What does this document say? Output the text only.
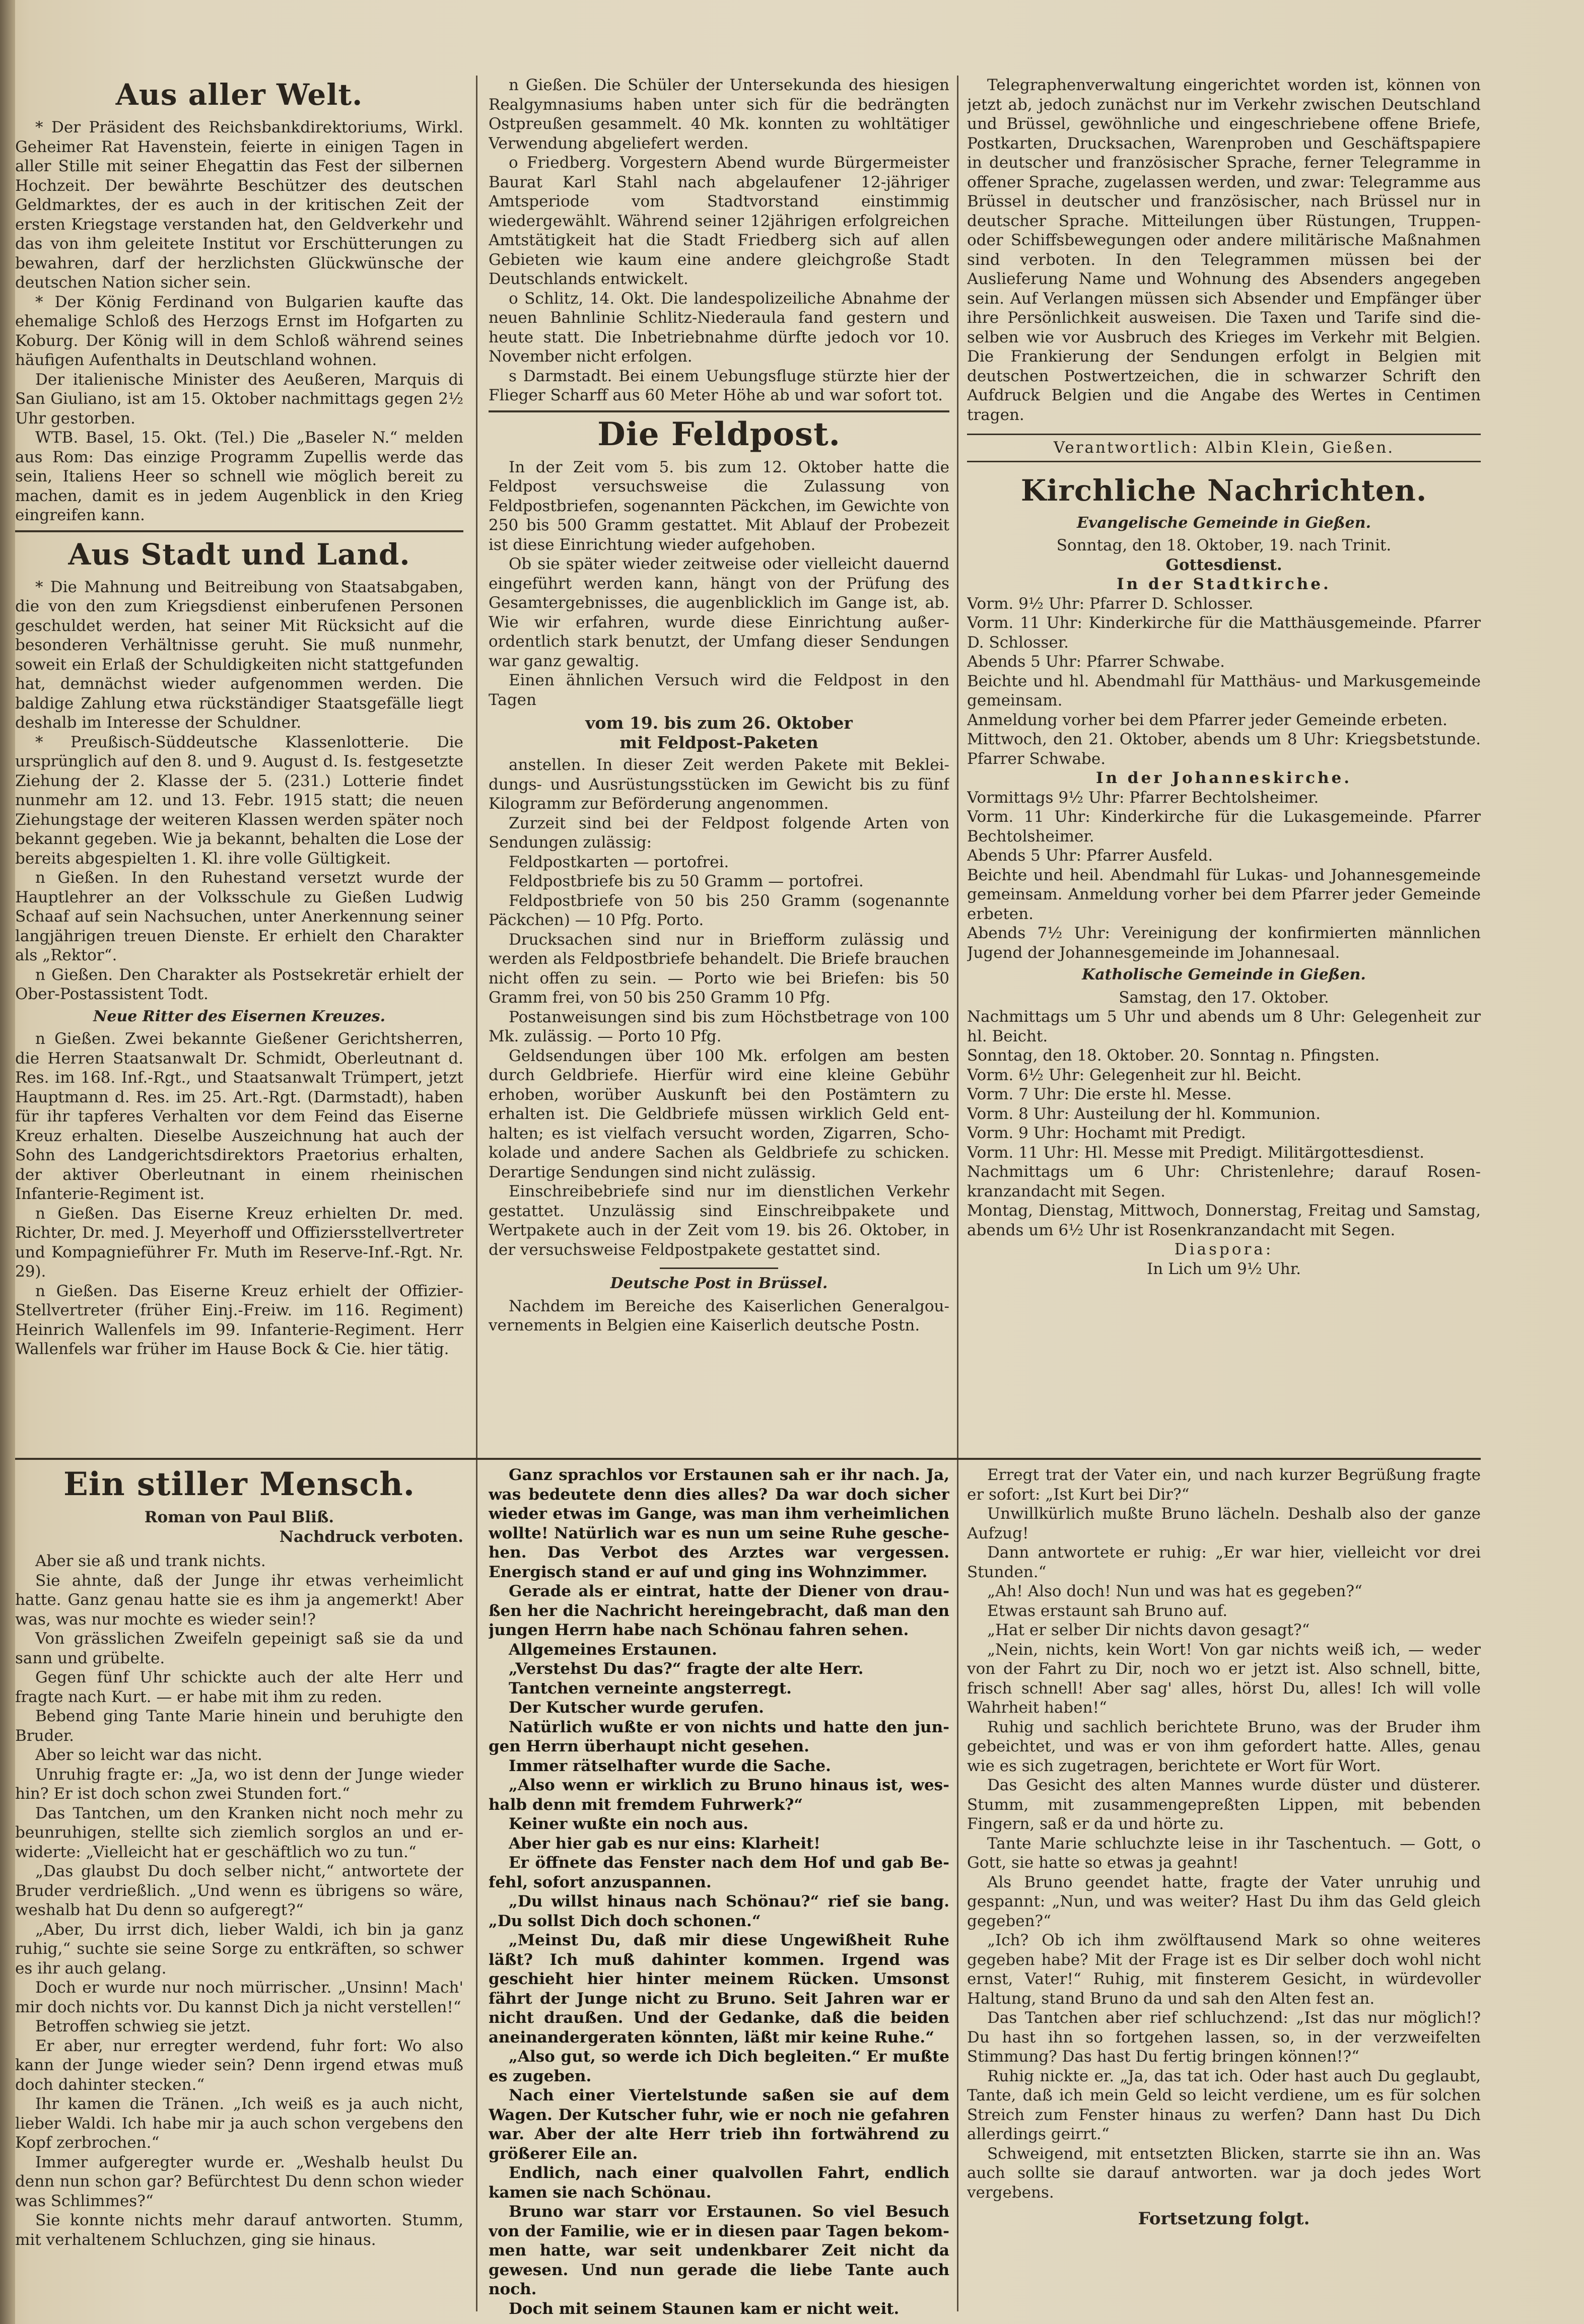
Aus aller Welt.

* Der Präsident des Reichsbankdirektoriums, Wirkl. Geheimer Rat Havenstein, feierte in einigen Tagen in aller Stille mit seiner Ehegattin das Fest der silbernen Hochzeit. Der bewährte Beschützer des deutschen Geldmarktes, der es auch in der kritischen Zeit der ersten Kriegstage verstanden hat, den Geldverkehr und das von ihm geleitete Institut vor Erschütterungen zu bewahren, darf der herzlichsten Glückwünsche der deutschen Nation sicher sein.

* Der König Ferdinand von Bulgarien kaufte das ehemalige Schloß des Herzogs Ernst im Hofgarten zu Koburg. Der König will in dem Schloß während seines häufigen Aufenthalts in Deutschland wohnen.

Der italienische Minister des Aeußeren, Marquis di San Giuliano, ist am 15. Oktober nachmittags gegen 2½ Uhr gestorben.

WTB. Basel, 15. Okt. (Tel.) Die „Baseler N.“ melden aus Rom: Das einzige Programm Zupellis werde das sein, Italiens Heer so schnell wie möglich bereit zu machen, damit es in jedem Augenblick in den Krieg eingreifen kann.

Aus Stadt und Land.

* Die Mahnung und Beitreibung von Staatsabgaben, die von den zum Kriegsdienst einberufenen Personen geschuldet werden, hat seiner Mit Rücksicht auf die besonderen Verhältnisse geruht. Sie muß nunmehr, soweit ein Erlaß der Schuldigkeiten nicht stattgefunden hat, demnächst wieder aufgenommen werden. Die baldige Zahlung etwa rückständiger Staatsgefälle liegt deshalb im Interesse der Schuldner.

* Preußisch-Süddeutsche Klassenlotterie. Die ursprünglich auf den 8. und 9. August d. Is. festgesetzte Ziehung der 2. Klasse der 5. (231.) Lotterie findet nunmehr am 12. und 13. Febr. 1915 statt; die neuen Ziehungstage der weiteren Klassen werden später noch bekannt gegeben. Wie ja bekannt, behalten die Lose der bereits abgespielten 1. Kl. ihre volle Gültigkeit.

n Gießen. In den Ruhestand versetzt wurde der Hauptlehrer an der Volksschule zu Gießen Ludwig Schaaf auf sein Nachsuchen, unter Anerkennung seiner langjährigen treuen Dienste. Er erhielt den Charakter als „Rektor“.

n Gießen. Den Charakter als Postsekretär erhielt der Ober-Postassistent Todt.

Neue Ritter des Eisernen Kreuzes.

n Gießen. Zwei bekannte Gießener Gerichtsherren, die Herren Staatsanwalt Dr. Schmidt, Oberleutnant d. Res. im 168. Inf.-Rgt., und Staatsanwalt Trümpert, jetzt Hauptmann d. Res. im 25. Art.-Rgt. (Darmstadt), haben für ihr tapferes Verhalten vor dem Feind das Eiserne Kreuz erhalten. Dieselbe Auszeichnung hat auch der Sohn des Landgerichtsdirektors Praetorius erhalten, der aktiver Oberleutnant in einem rheinischen Infanterie-Regiment ist.

n Gießen. Das Eiserne Kreuz erhielten Dr. med. Richter, Dr. med. J. Meyerhoff und Offiziersstellvertreter und Kompagnieführer Fr. Muth im Reserve-Inf.-Rgt. Nr. 29).

n Gießen. Das Eiserne Kreuz erhielt der Offizier-Stellvertreter (früher Einj.-Freiw. im 116. Regiment) Heinrich Wallenfels im 99. Infanterie-Regiment. Herr Wallenfels war früher im Hause Bock & Cie. hier tätig.

n Gießen. Die Schüler der Untersekunda des hiesigen Realgymnasiums haben unter sich für die bedrängten Ostpreußen gesammelt. 40 Mk. konnten zu wohltätiger Verwendung abgeliefert werden.

o Friedberg. Vorgestern Abend wurde Bürgermeister Baurat Karl Stahl nach abgelaufener 12-jähriger Amtsperiode vom Stadtvorstand einstimmig wiedergewählt. Während seiner 12jährigen erfolgreichen Amtstätigkeit hat die Stadt Friedberg sich auf allen Gebieten wie kaum eine andere gleichgroße Stadt Deutschlands entwickelt.

o Schlitz, 14. Okt. Die landespolizeiliche Abnahme der neuen Bahnlinie Schlitz-Niederaula fand gestern und heute statt. Die Inbetriebnahme dürfte jedoch vor 10. November nicht erfolgen.

s Darmstadt. Bei einem Uebungsfluge stürzte hier der Flieger Scharff aus 60 Meter Höhe ab und war sofort tot.

Die Feldpost.

In der Zeit vom 5. bis zum 12. Oktober hatte die Feldpost versuchsweise die Zulassung von Feldpostbriefen, sogenannten Päckchen, im Gewichte von 250 bis 500 Gramm gestattet. Mit Ablauf der Probezeit ist diese Einrichtung wieder aufgehoben.

Ob sie später wieder zeitweise oder vielleicht dauernd eingeführt werden kann, hängt von der Prüfung des Gesamtergebnisses, die augenblicklich im Gange ist, ab. Wie wir erfahren, wurde diese Einrichtung außerordentlich stark benutzt, der Umfang dieser Sendungen war ganz gewaltig.

Einen ähnlichen Versuch wird die Feldpost in den Tagen

vom 19. bis zum 26. Oktober
mit Feldpost-Paketen

anstellen. In dieser Zeit werden Pakete mit Bekleidungs- und Ausrüstungsstücken im Gewicht bis zu fünf Kilogramm zur Beförderung angenommen.

Zurzeit sind bei der Feldpost folgende Arten von Sendungen zulässig:

Feldpostkarten — portofrei.

Feldpostbriefe bis zu 50 Gramm — portofrei.

Feldpostbriefe von 50 bis 250 Gramm (sogenannte Päckchen) — 10 Pfg. Porto.

Drucksachen sind nur in Briefform zulässig und werden als Feldpostbriefe behandelt. Die Briefe brauchen nicht offen zu sein. — Porto wie bei Briefen: bis 50 Gramm frei, von 50 bis 250 Gramm 10 Pfg.

Postanweisungen sind bis zum Höchstbetrage von 100 Mk. zulässig. — Porto 10 Pfg.

Geldsendungen über 100 Mk. erfolgen am besten durch Geldbriefe. Hierfür wird eine kleine Gebühr erhoben, worüber Auskunft bei den Postämtern zu erhalten ist. Die Geldbriefe müssen wirklich Geld enthalten; es ist vielfach versucht worden, Zigarren, Schokolade und andere Sachen als Geldbriefe zu schicken. Derartige Sendungen sind nicht zulässig.

Einschreibebriefe sind nur im dienstlichen Verkehr gestattet. Unzulässig sind Einschreibpakete und Wertpakete auch in der Zeit vom 19. bis 26. Oktober, in der versuchsweise Feldpostpakete gestattet sind.

Deutsche Post in Brüssel.

Nachdem im Bereiche des Kaiserlichen Generalgouvernements in Belgien eine Kaiserlich deutsche Postn.

Telegraphenverwaltung eingerichtet worden ist, können von jetzt ab, jedoch zunächst nur im Verkehr zwischen Deutschland und Brüssel, gewöhnliche und eingeschriebene offene Briefe, Postkarten, Drucksachen, Warenproben und Geschäftspapiere in deutscher und französischer Sprache, ferner Telegramme in offener Sprache, zugelassen werden, und zwar: Telegramme aus Brüssel in deutscher und französischer, nach Brüssel nur in deutscher Sprache. Mitteilungen über Rüstungen, Truppen- oder Schiffsbewegungen oder andere militärische Maßnahmen sind verboten. In den Telegrammen müssen bei der Auslieferung Name und Wohnung des Absenders angegeben sein. Auf Verlangen müssen sich Absender und Empfänger über ihre Persönlichkeit ausweisen. Die Taxen und Tarife sind dieselben wie vor Ausbruch des Krieges im Verkehr mit Belgien. Die Frankierung der Sendungen erfolgt in Belgien mit deutschen Postwertzeichen, die in schwarzer Schrift den Aufdruck Belgien und die Angabe des Wertes in Centimen tragen.

Verantwortlich: Albin Klein, Gießen.
Kirchliche Nachrichten.
Evangelische Gemeinde in Gießen.
Sonntag, den 18. Oktober, 19. nach Trinit.
Gottesdienst.
In der Stadtkirche.

Vorm. 9½ Uhr: Pfarrer D. Schlosser.

Vorm. 11 Uhr: Kinderkirche für die Matthäusgemeinde. Pfarrer D. Schlosser.

Abends 5 Uhr: Pfarrer Schwabe.

Beichte und hl. Abendmahl für Matthäus- und Markusgemeinde gemeinsam.

Anmeldung vorher bei dem Pfarrer jeder Gemeinde erbeten.

Mittwoch, den 21. Oktober, abends um 8 Uhr: Kriegsbetstunde. Pfarrer Schwabe.

In der Johanneskirche.

Vormittags 9½ Uhr: Pfarrer Bechtolsheimer.

Vorm. 11 Uhr: Kinderkirche für die Lukasgemeinde. Pfarrer Bechtolsheimer.

Abends 5 Uhr: Pfarrer Ausfeld.

Beichte und heil. Abendmahl für Lukas- und Johannesgemeinde gemeinsam. Anmeldung vorher bei dem Pfarrer jeder Gemeinde erbeten.

Abends 7½ Uhr: Vereinigung der konfirmierten männlichen Jugend der Johannesgemeinde im Johannesaal.

Katholische Gemeinde in Gießen.
Samstag, den 17. Oktober.

Nachmittags um 5 Uhr und abends um 8 Uhr: Gelegenheit zur hl. Beicht.

Sonntag, den 18. Oktober. 20. Sonntag n. Pfingsten.

Vorm. 6½ Uhr: Gelegenheit zur hl. Beicht.

Vorm. 7 Uhr: Die erste hl. Messe.

Vorm. 8 Uhr: Austeilung der hl. Kommunion.

Vorm. 9 Uhr: Hochamt mit Predigt.

Vorm. 11 Uhr: Hl. Messe mit Predigt. Militärgottesdienst.

Nachmittags um 6 Uhr: Christenlehre; darauf Rosenkranzandacht mit Segen.

Montag, Dienstag, Mittwoch, Donnerstag, Freitag und Samstag, abends um 6½ Uhr ist Rosenkranzandacht mit Segen.

Diaspora:
In Lich um 9½ Uhr.
Ein stiller Mensch.
Roman von Paul Bliß.
Nachdruck verboten.

Aber sie aß und trank nichts.

Sie ahnte, daß der Junge ihr etwas verheimlicht hatte. Ganz genau hatte sie es ihm ja angemerkt! Aber was, was nur mochte es wieder sein!?

Von grässlichen Zweifeln gepeinigt saß sie da und sann und grübelte.

Gegen fünf Uhr schickte auch der alte Herr und fragte nach Kurt. — er habe mit ihm zu reden.

Bebend ging Tante Marie hinein und beruhigte den Bruder.

Aber so leicht war das nicht.

Unruhig fragte er: „Ja, wo ist denn der Junge wieder hin? Er ist doch schon zwei Stunden fort.“

Das Tantchen, um den Kranken nicht noch mehr zu beunruhigen, stellte sich ziemlich sorglos an und erwiderte: „Vielleicht hat er geschäftlich wo zu tun.“

„Das glaubst Du doch selber nicht,“ antwortete der Bruder verdrießlich. „Und wenn es übrigens so wäre, weshalb hat Du denn so aufgeregt?“

„Aber, Du irrst dich, lieber Waldi, ich bin ja ganz ruhig,“ suchte sie seine Sorge zu entkräften, so schwer es ihr auch gelang.

Doch er wurde nur noch mürrischer. „Unsinn! Mach' mir doch nichts vor. Du kannst Dich ja nicht verstellen!“

Betroffen schwieg sie jetzt.

Er aber, nur erregter werdend, fuhr fort: Wo also kann der Junge wieder sein? Denn irgend etwas muß doch dahinter stecken.“

Ihr kamen die Tränen. „Ich weiß es ja auch nicht, lieber Waldi. Ich habe mir ja auch schon vergebens den Kopf zerbrochen.“

Immer aufgeregter wurde er. „Weshalb heulst Du denn nun schon gar? Befürchtest Du denn schon wieder was Schlimmes?“

Sie konnte nichts mehr darauf antworten. Stumm, mit verhaltenem Schluchzen, ging sie hinaus.

Ganz sprachlos vor Erstaunen sah er ihr nach. Ja, was bedeutete denn dies alles? Da war doch sicher wieder etwas im Gange, was man ihm verheimlichen wollte! Natürlich war es nun um seine Ruhe geschehen. Das Verbot des Arztes war vergessen. Energisch stand er auf und ging ins Wohnzimmer.

Gerade als er eintrat, hatte der Diener von draußen her die Nachricht hereingebracht, daß man den jungen Herrn habe nach Schönau fahren sehen.

Allgemeines Erstaunen.

„Verstehst Du das?“ fragte der alte Herr.

Tantchen verneinte angsterregt.

Der Kutscher wurde gerufen.

Natürlich wußte er von nichts und hatte den jungen Herrn überhaupt nicht gesehen.

Immer rätselhafter wurde die Sache.

„Also wenn er wirklich zu Bruno hinaus ist, weshalb denn mit fremdem Fuhrwerk?“

Keiner wußte ein noch aus.

Aber hier gab es nur eins: Klarheit!

Er öffnete das Fenster nach dem Hof und gab Befehl, sofort anzuspannen.

„Du willst hinaus nach Schönau?“ rief sie bang. „Du sollst Dich doch schonen.“

„Meinst Du, daß mir diese Ungewißheit Ruhe läßt? Ich muß dahinter kommen. Irgend was geschieht hier hinter meinem Rücken. Umsonst fährt der Junge nicht zu Bruno. Seit Jahren war er nicht draußen. Und der Gedanke, daß die beiden aneinandergeraten könnten, läßt mir keine Ruhe.“

„Also gut, so werde ich Dich begleiten.“ Er mußte es zugeben.

Nach einer Viertelstunde saßen sie auf dem Wagen. Der Kutscher fuhr, wie er noch nie gefahren war. Aber der alte Herr trieb ihn fortwährend zu größerer Eile an.

Endlich, nach einer qualvollen Fahrt, endlich kamen sie nach Schönau.

Bruno war starr vor Erstaunen. So viel Besuch von der Familie, wie er in diesen paar Tagen bekommen hatte, war seit undenkbarer Zeit nicht da gewesen. Und nun gerade die liebe Tante auch noch.

Doch mit seinem Staunen kam er nicht weit.

Erregt trat der Vater ein, und nach kurzer Begrüßung fragte er sofort: „Ist Kurt bei Dir?“

Unwillkürlich mußte Bruno lächeln. Deshalb also der ganze Aufzug!

Dann antwortete er ruhig: „Er war hier, vielleicht vor drei Stunden.“

„Ah! Also doch! Nun und was hat es gegeben?“

Etwas erstaunt sah Bruno auf.

„Hat er selber Dir nichts davon gesagt?“

„Nein, nichts, kein Wort! Von gar nichts weiß ich, — weder von der Fahrt zu Dir, noch wo er jetzt ist. Also schnell, bitte, frisch schnell! Aber sag' alles, hörst Du, alles! Ich will volle Wahrheit haben!“

Ruhig und sachlich berichtete Bruno, was der Bruder ihm gebeichtet, und was er von ihm gefordert hatte. Alles, genau wie es sich zugetragen, berichtete er Wort für Wort.

Das Gesicht des alten Mannes wurde düster und düsterer. Stumm, mit zusammengepreßten Lippen, mit bebenden Fingern, saß er da und hörte zu.

Tante Marie schluchzte leise in ihr Taschentuch. — Gott, o Gott, sie hatte so etwas ja geahnt!

Als Bruno geendet hatte, fragte der Vater unruhig und gespannt: „Nun, und was weiter? Hast Du ihm das Geld gleich gegeben?“

„Ich? Ob ich ihm zwölftausend Mark so ohne weiteres gegeben habe? Mit der Frage ist es Dir selber doch wohl nicht ernst, Vater!“ Ruhig, mit finsterem Gesicht, in würdevoller Haltung, stand Bruno da und sah den Alten fest an.

Das Tantchen aber rief schluchzend: „Ist das nur möglich!? Du hast ihn so fortgehen lassen, so, in der verzweifelten Stimmung? Das hast Du fertig bringen können!?“

Ruhig nickte er. „Ja, das tat ich. Oder hast auch Du geglaubt, Tante, daß ich mein Geld so leicht verdiene, um es für solchen Streich zum Fenster hinaus zu werfen? Dann hast Du Dich allerdings geirrt.“

Schweigend, mit entsetzten Blicken, starrte sie ihn an. Was auch sollte sie darauf antworten. war ja doch jedes Wort vergebens.

Fortsetzung folgt.
